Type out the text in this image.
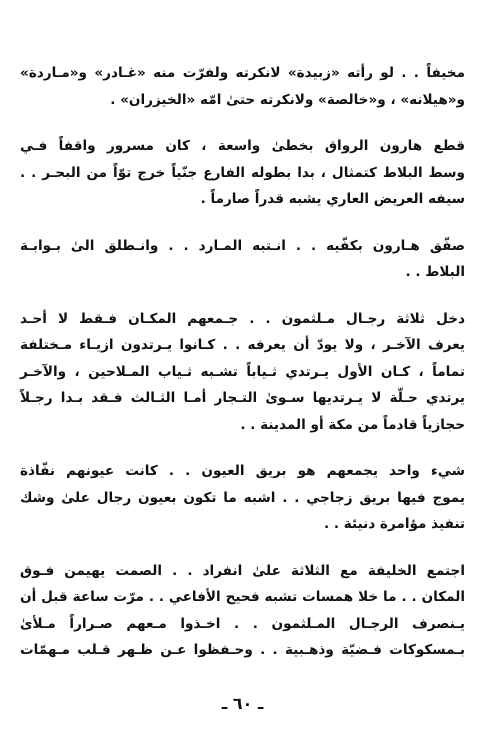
مخيفاً . . لو رأته «زبيدة» لانكرته ولفرّت منه «غـادر» و«مـاردة»
و«هيلانه» ، و«خالصة» ولانكرته حتىٰ امّه «الخيزران» .

قطع هارون الرواق بخطىٰ واسعة ، كان مسرور واقفاً فـي
وسط البلاط كتمثال ، بدا بطوله الفارع جنّياً خرج توّاً من البحـر . .
سيفه العريض العاري يشبه قدراً صارماً .

صفّق هـارون بكفّيه . . انـتبه المـارد . . وانـطلق الىٰ بـوابـة
البلاط . .

دخل ثلاثة رجـال مـلثمون . . جـمعهم المكـان فـقط لا أحـد
يعرف الآخـر ، ولا يودّ أن يعرفه . . كـانوا يـرتدون ازيـاء مـختلفة
تماماً ، كـان الأول يـرتدي ثـياباً تشـبه ثـياب المـلاحين ، والآخـر
يرتدي حـلّة لا يـرتديها سـوىٰ التـجار أمـا الثـالث فـقد بـدا رجـلاً
حجازياً قادماً من مكة أو المدينة . .

شيء واحد يجمعهم هو بريق العيون . . كانت عيونهم نفّاذة
يموج فيها بريق زجاجي . . اشبه ما تكون بعيون رجال علىٰ وشك
تنفيذ مؤامرة دنيئة . .

اجتمع الخليفة مع الثلاثة علىٰ انفراد . . الصمت يهيمن فـوق
المكان . . ما خلا همسات تشبه فحيح الأفاعي . . مرّت ساعة قبل أن
يـنصرف الرجـال المـلثمون . . اخـذوا مـعهم صـراراً مـلأىٰ
بـمسكوكات فـضيّة وذهـبية . . وحـفظوا عـن ظـهر قـلب مـهمّات

ـ ٦٠ ـ
